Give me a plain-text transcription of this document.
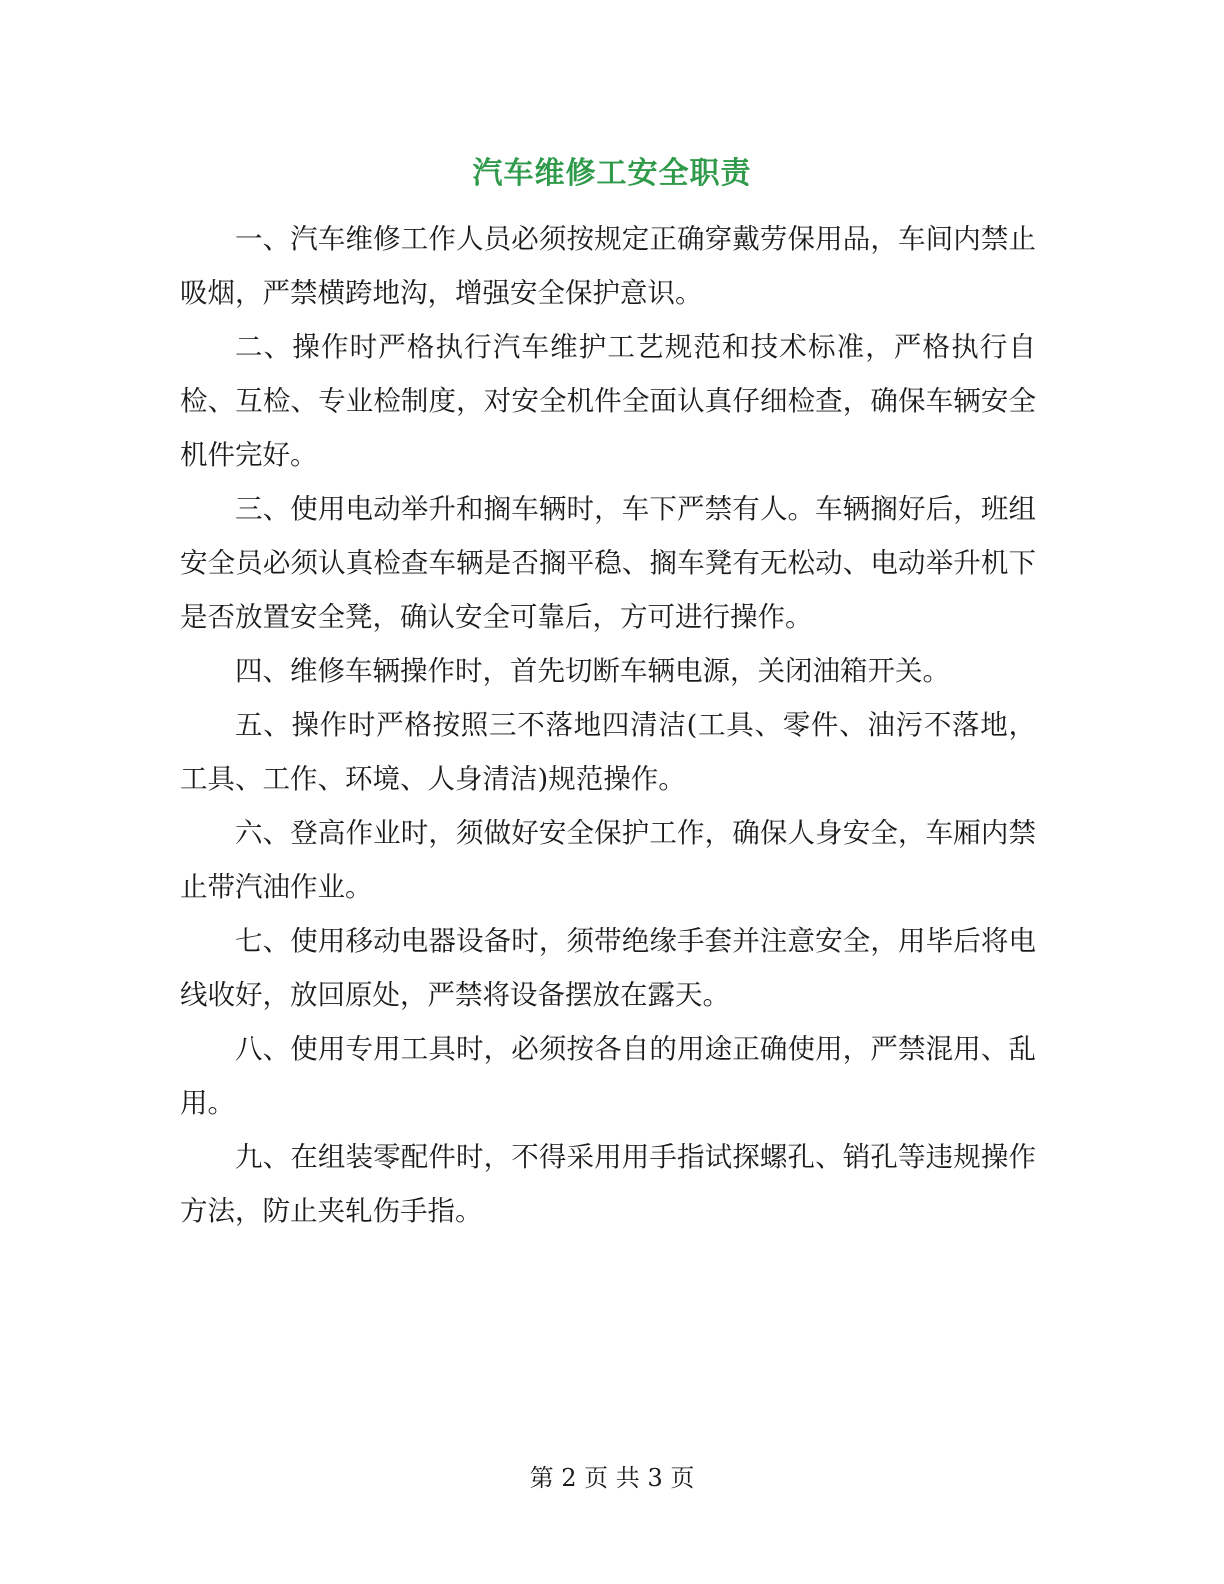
汽车维修工安全职责

一、汽车维修工作人员必须按规定正确穿戴劳保用品，车间内禁止吸烟，严禁横跨地沟，增强安全保护意识。

二、操作时严格执行汽车维护工艺规范和技术标准，严格执行自检、互检、专业检制度，对安全机件全面认真仔细检查，确保车辆安全机件完好。

三、使用电动举升和搁车辆时，车下严禁有人。车辆搁好后，班组安全员必须认真检查车辆是否搁平稳、搁车凳有无松动、电动举升机下是否放置安全凳，确认安全可靠后，方可进行操作。

四、维修车辆操作时，首先切断车辆电源，关闭油箱开关。

五、操作时严格按照三不落地四清洁(工具、零件、油污不落地，工具、工作、环境、人身清洁)规范操作。

六、登高作业时，须做好安全保护工作，确保人身安全，车厢内禁止带汽油作业。

七、使用移动电器设备时，须带绝缘手套并注意安全，用毕后将电线收好，放回原处，严禁将设备摆放在露天。

八、使用专用工具时，必须按各自的用途正确使用，严禁混用、乱用。

九、在组装零配件时，不得采用用手指试探螺孔、销孔等违规操作方法，防止夹轧伤手指。

第 2 页 共 3 页
